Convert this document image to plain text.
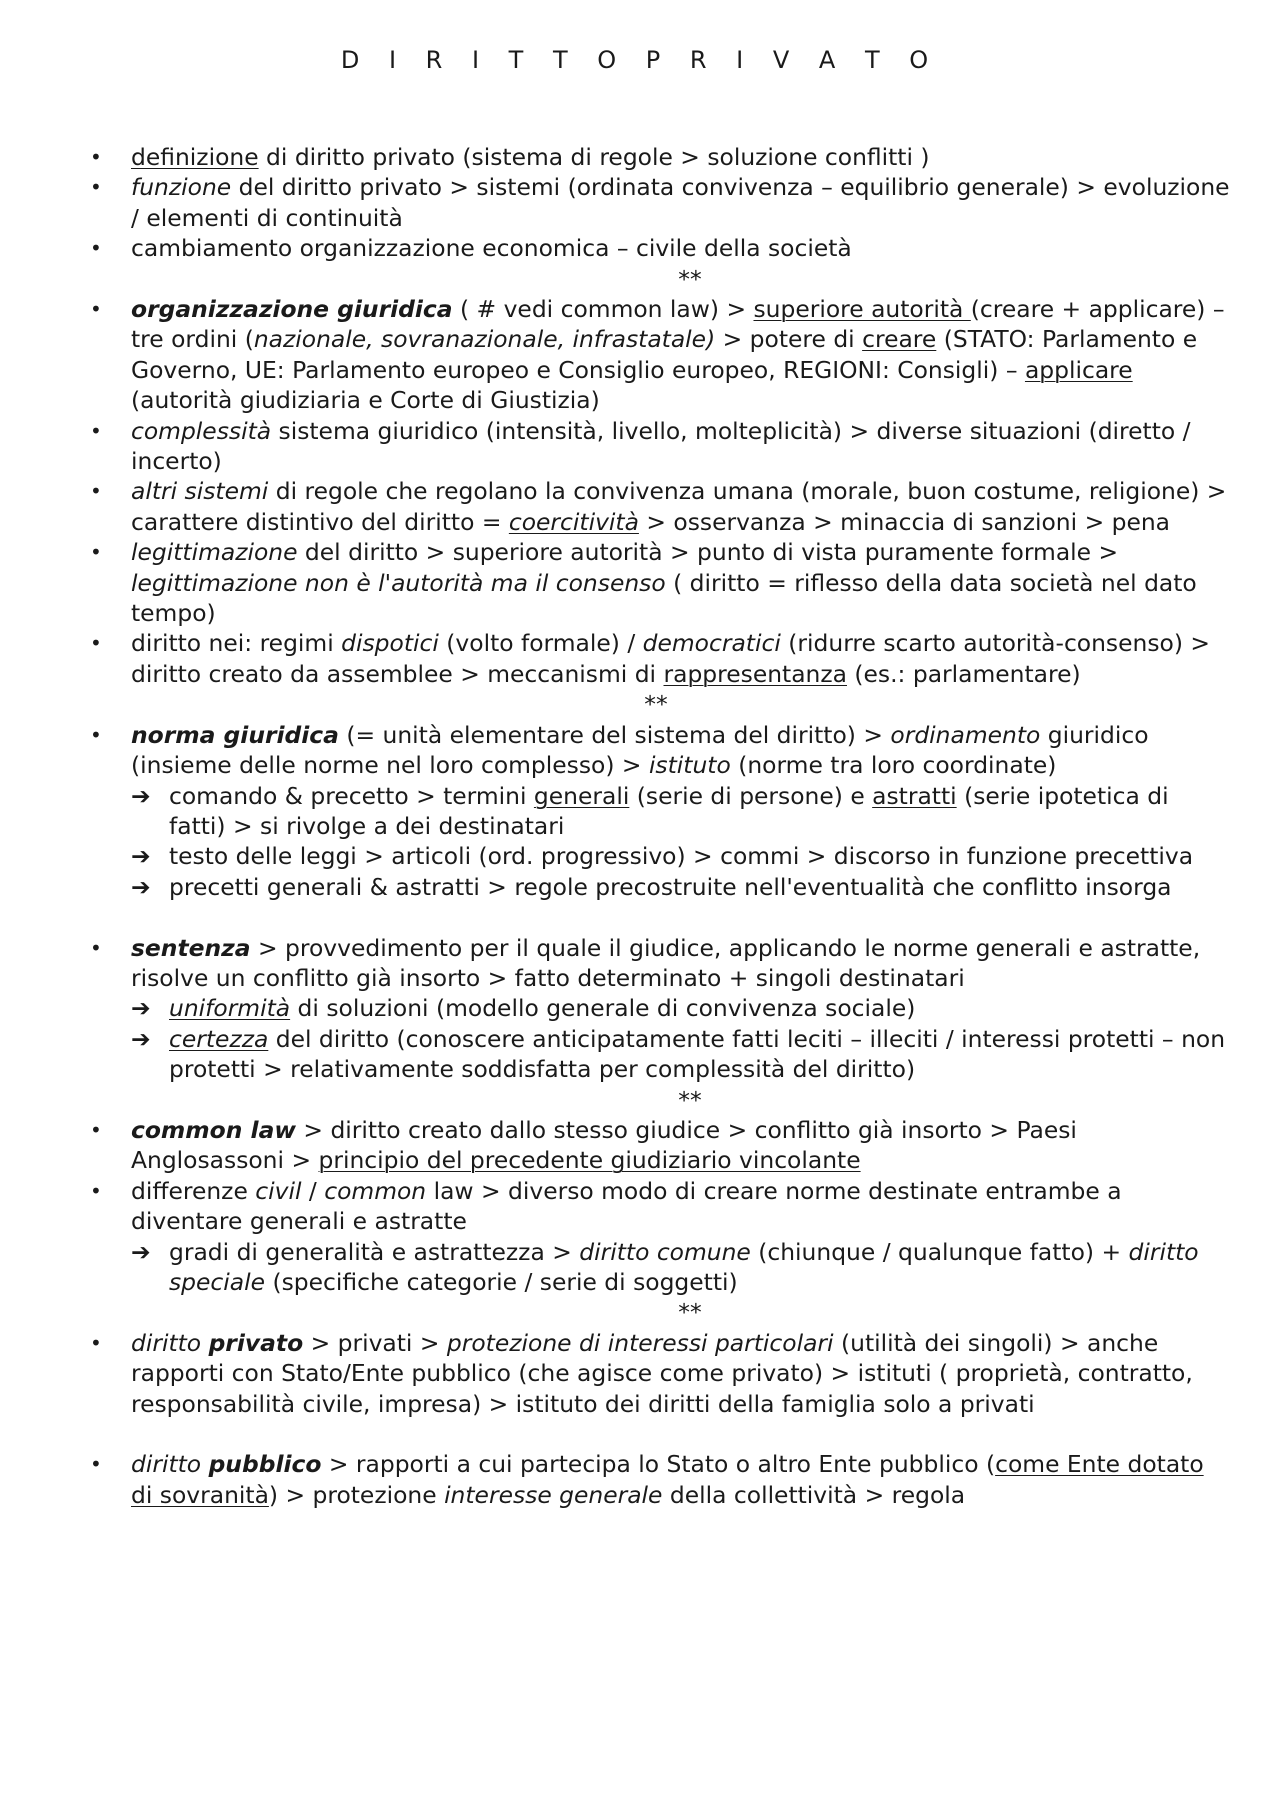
D I R I T T O P R I V A T O
• definizione di diritto privato (sistema di regole > soluzione conflitti )
• funzione del diritto privato > sistemi (ordinata convivenza – equilibrio generale) > evoluzione / elementi di continuità
• cambiamento organizzazione economica – civile della società
**
• organizzazione giuridica ( # vedi common law) > superiore autorità (creare + applicare) – tre ordini (nazionale, sovranazionale, infrastatale) > potere di creare (STATO: Parlamento e Governo, UE: Parlamento europeo e Consiglio europeo, REGIONI: Consigli) – applicare (autorità giudiziaria e Corte di Giustizia)
• complessità sistema giuridico (intensità, livello, molteplicità) > diverse situazioni (diretto / incerto)
• altri sistemi di regole che regolano la convivenza umana (morale, buon costume, religione) > carattere distintivo del diritto = coercitività > osservanza > minaccia di sanzioni > pena
• legittimazione del diritto > superiore autorità > punto di vista puramente formale > legittimazione non è l'autorità ma il consenso ( diritto = riflesso della data società nel dato tempo)
• diritto nei: regimi dispotici (volto formale) / democratici (ridurre scarto autorità-consenso) > diritto creato da assemblee > meccanismi di rappresentanza (es.: parlamentare)
**
• norma giuridica (= unità elementare del sistema del diritto) > ordinamento giuridico (insieme delle norme nel loro complesso) > istituto (norme tra loro coordinate)
➔ comando & precetto > termini generali (serie di persone) e astratti (serie ipotetica di fatti) > si rivolge a dei destinatari
➔ testo delle leggi > articoli (ord. progressivo) > commi > discorso in funzione precettiva
➔ precetti generali & astratti > regole precostruite nell'eventualità che conflitto insorga
• sentenza > provvedimento per il quale il giudice, applicando le norme generali e astratte, risolve un conflitto già insorto > fatto determinato + singoli destinatari
➔ uniformità di soluzioni (modello generale di convivenza sociale)
➔ certezza del diritto (conoscere anticipatamente fatti leciti – illeciti / interessi protetti – non protetti > relativamente soddisfatta per complessità del diritto)
**
• common law > diritto creato dallo stesso giudice > conflitto già insorto > Paesi Anglosassoni > principio del precedente giudiziario vincolante
• differenze civil / common law > diverso modo di creare norme destinate entrambe a diventare generali e astratte
➔ gradi di generalità e astrattezza > diritto comune (chiunque / qualunque fatto) + diritto speciale (specifiche categorie / serie di soggetti)
**
• diritto privato > privati > protezione di interessi particolari (utilità dei singoli) > anche rapporti con Stato/Ente pubblico (che agisce come privato) > istituti ( proprietà, contratto, responsabilità civile, impresa) > istituto dei diritti della famiglia solo a privati
• diritto pubblico > rapporti a cui partecipa lo Stato o altro Ente pubblico (come Ente dotato di sovranità) > protezione interesse generale della collettività > regola
